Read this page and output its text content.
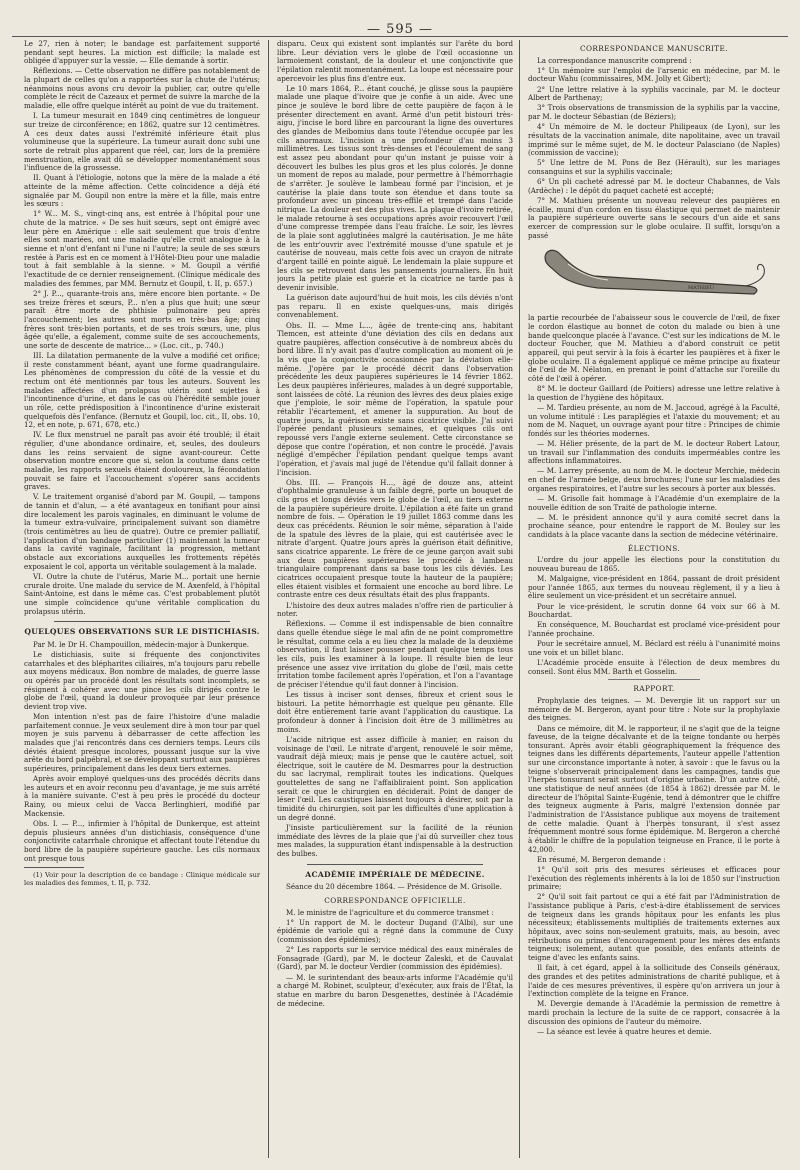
— 595 —

Le 27, rien à noter; le bandage est parfaitement supporté pendant sept heures. La miction est difficile; la malade est obligée d'appuyer sur la vessie. — Elle demande à sortir.

Réflexions. — Cette observation ne diffère pas notablement de la plupart de celles qu'on a rapportées sur la chute de l'utérus; néanmoins nous avons cru devoir la publier, car, outre qu'elle complète le récit de Cazeaux et permet de suivre la marche de la maladie, elle offre quelque intérêt au point de vue du traitement.

I. La tumeur mesurait en 1849 cinq centimètres de longueur sur treize de circonférence; en 1862, quatre sur 12 centimètres. A ces deux dates aussi l'extrémité inférieure était plus volumineuse que la supérieure. La tumeur aurait donc subi une sorte de retrait plus apparent que réel, car, lors de la première menstruation, elle avait dû se développer momentanément sous l'influence de la grossesse.

II. Quant à l'étiologie, notons que la mère de la malade a été atteinte de la même affection. Cette coïncidence a déjà été signalée par M. Goupil non entre la mère et la fille, mais entre les sœurs :

1° W... M. S., vingt-cinq ans, est entrée à l'hôpital pour une chute de la matrice. « De ses huit sœurs, sept ont émigré avec leur père en Amérique : elle sait seulement que trois d'entre elles sont mariées, ont une maladie qu'elle croit analogue à la sienne et n'ont d'enfant ni l'une ni l'autre; la seule de ses sœurs restée à Paris est en ce moment à l'Hôtel-Dieu pour une maladie tout à fait semblable à la sienne. » M. Goupil a vérifié l'exactitude de ce dernier renseignement. (Clinique médicale des maladies des femmes, par MM. Bernutz et Goupil, t. II, p. 657.)

2° J. P..., quarante-trois ans, mère encore bien portante. « De ses treize frères et sœurs, P... n'en a plus que huit; une sœur paraît être morte de phthisie pulmonaire peu après l'accouchement; les autres sont morts en très-bas âge; cinq frères sont très-bien portants, et de ses trois sœurs, une, plus âgée qu'elle, a également, comme suite de ses accouchements, une sorte de descente de matrice... » (Loc. cit., p. 740.)

III. La dilatation permanente de la vulve a modifié cet orifice; il reste constamment béant, ayant une forme quadrangulaire. Les phénomènes de compression du côté de la vessie et du rectum ont été mentionnés par tous les auteurs. Souvent les malades affectées d'un prolapsus utérin sont sujettes à l'incontinence d'urine, et dans le cas où l'hérédité semble jouer un rôle, cette prédisposition à l'incontinence d'urine existerait quelquefois dès l'enfance. (Bernutz et Goupil, loc. cit., II, obs. 10, 12, et en note, p. 671, 678, etc.)

IV. Le flux menstruel ne paraît pas avoir été troublé; il était régulier, d'une abondance ordinaire, et, seules, des douleurs dans les reins servaient de signe avant-coureur. Cette observation montre encore que si, selon la coutume dans cette maladie, les rapports sexuels étaient douloureux, la fécondation pouvait se faire et l'accouchement s'opérer sans accidents graves.

V. Le traitement organisé d'abord par M. Goupil, — tampons de tannin et d'alun, — a été avantageux en tonifiant pour ainsi dire localement les parois vaginales, en diminuant le volume de la tumeur extra-vulvaire, principalement suivant son diamètre (trois centimètres au lieu de quatre). Outre ce premier palliatif, l'application d'un bandage particulier (1) maintenant la tumeur dans la cavité vaginale, facilitant la progression, mettant obstacle aux excoriations auxquelles les frottements répétés exposaient le col, apporta un véritable soulagement à la malade.

VI. Outre la chute de l'utérus, Marie M... portait une hernie crurale droite. Une malade du service de M. Axenfeld, à l'hôpital Saint-Antoine, est dans le même cas. C'est probablement plutôt une simple coïncidence qu'une véritable complication du prolapsus utérin.

QUELQUES OBSERVATIONS SUR LE DISTICHIASIS.

Par M. le Dr H. Champouillon, médecin-major à Dunkerque.

Le distichiasis, suite si fréquente des conjonctivites catarrhales et des blépharites ciliaires, m'a toujours paru rebelle aux moyens médicaux. Bon nombre de malades, de guerre lasse ou opérés par un procédé dont les résultats sont incomplets, se résignent à cohérer avec une pince les cils dirigés contre le globe de l'œil, quand la douleur provoquée par leur présence devient trop vive.

Mon intention n'est pas de faire l'histoire d'une maladie parfaitement connue. Je veux seulement dire à mon tour par quel moyen je suis parvenu à débarrasser de cette affection les malades que j'ai rencontrés dans ces derniers temps. Leurs cils déviés étaient presque incolores, poussant jusque sur la vive arête du bord palpébral, et se développant surtout aux paupières supérieures, principalement dans les deux tiers externes.

Après avoir employé quelques-uns des procédés décrits dans les auteurs et en avoir reconnu peu d'avantage, je me suis arrêté à la manière suivante. C'est à peu près le procédé du docteur Rainy, ou mieux celui de Vacca Berlinghieri, modifié par Mackensie.

Obs. I. — P..., infirmier à l'hôpital de Dunkerque, est atteint depuis plusieurs années d'un distichiasis, conséquence d'une conjonctivite catarrhale chronique et affectant toute l'étendue du bord libre de la paupière supérieure gauche. Les cils normaux ont presque tous

(1) Voir pour la description de ce bandage : Clinique médicale sur les maladies des femmes, t. II, p. 732.

disparu. Ceux qui existent sont implantés sur l'arête du bord libre. Leur déviation vers le globe de l'œil occasionne un larmoiement constant, de la douleur et une conjonctivite que l'épilation ralentit momentanément. La loupe est nécessaire pour apercevoir les plus fins d'entre eux.

Le 10 mars 1864, P... étant couché, je glisse sous la paupière malade une plaque d'ivoire que je confie à un aide. Avec une pince je soulève le bord libre de cette paupière de façon à le présenter directement en avant. Armé d'un petit bistouri très-aigu, j'incise le bord libre en parcourant la ligne des ouvertures des glandes de Meibomius dans toute l'étendue occupée par les cils anormaux. L'incision a une profondeur d'au moins 3 millimètres. Les tissus sont très-denses et l'écoulement de sang est assez peu abondant pour qu'un instant je puisse voir à découvert les bulbes les plus gros et les plus colorés. Je donne un moment de repos au malade, pour permettre à l'hémorrhagie de s'arrêter. Je soulève le lambeau formé par l'incision, et je cautérise la plaie dans toute son étendue et dans toute sa profondeur avec un pinceau très-effilé et trempé dans l'acide nitrique. La douleur est des plus vives. La plaque d'ivoire retirée, le malade retourne à ses occupations après avoir recouvert l'œil d'une compresse trempée dans l'eau fraîche. Le soir, les lèvres de la plaie sont agglutinées malgré la cautérisation. Je me hâte de les entr'ouvrir avec l'extrémité mousse d'une spatule et je cautérise de nouveau, mais cette fois avec un crayon de nitrate d'argent taillé en pointe aiguë. Le lendemain la plaie suppure et les cils se retrouvent dans les pansements journaliers. En huit jours la petite plaie est guérie et la cicatrice ne tarde pas à devenir invisible.

La guérison date aujourd'hui de huit mois, les cils déviés n'ont pas reparu. Il en existe quelques-uns, mais dirigés convenablement.

Obs. II. — Mme L..., âgée de trente-cinq ans, habitant Tlemcen, est atteinte d'une déviation des cils en dedans aux quatre paupières, affection consécutive à de nombreux abcès du bord libre. Il n'y avait pas d'autre complication au moment où je la vis que la conjonctivite occasionnée par la déviation elle-même. J'opère par le procédé décrit dans l'observation précédente les deux paupières supérieures le 14 février 1862. Les deux paupières inférieures, malades à un degré supportable, sont laissées de côté. La réunion des lèvres des deux plaies exige que j'emploie, le soir même de l'opération, la spatule pour rétablir l'écartement, et amener la suppuration. Au bout de quatre jours, la guérison existe sans cicatrice visible. J'ai suivi l'opérée pendant plusieurs semaines, et quelques cils ont repoussé vers l'angle externe seulement. Cette circonstance se dépose que contre l'opération, et non contre le procédé. J'avais négligé d'empêcher l'épilation pendant quelque temps avant l'opération, et j'avais mal jugé de l'étendue qu'il fallait donner à l'incision.

Obs. III. — François H..., âgé de douze ans, atteint d'ophthalmie granuleuse à un faible degré, porte un bouquet de cils gros et longs déviés vers le globe de l'œil, au tiers externe de la paupière supérieure droite. L'épilation a été faite un grand nombre de fois. — Opération le 19 juillet 1863 comme dans les deux cas précédents. Réunion le soir même, séparation à l'aide de la spatule des lèvres de la plaie, qui est cautérisée avec le nitrate d'argent. Quatre jours après la guérison était définitive, sans cicatrice apparente. Le frère de ce jeune garçon avait subi aux deux paupières supérieures le procédé à lambeau triangulaire comprenant dans sa base tous les cils déviés. Les cicatrices occupaient presque toute la hauteur de la paupière; elles étaient visibles et formaient une encoche au bord libre. Le contraste entre ces deux résultats était des plus frappants.

L'histoire des deux autres malades n'offre rien de particulier à noter.

Réflexions. — Comme il est indispensable de bien connaître dans quelle étendue siège le mal afin de ne point compromettre le résultat, comme cela a eu lieu chez la malade de la deuxième observation, il faut laisser pousser pendant quelque temps tous les cils, puis les examiner à la loupe. Il résulte bien de leur présence une assez vive irritation du globe de l'œil, mais cette irritation tombe facilement après l'opération, et l'on a l'avantage de préciser l'étendue qu'il faut donner à l'incision.

Les tissus à inciser sont denses, fibreux et crient sous le bistouri. La petite hémorrhagie est quelque peu gênante. Elle doit être entièrement tarie avant l'application du caustique. La profondeur à donner à l'incision doit être de 3 millimètres au moins.

L'acide nitrique est assez difficile à manier, en raison du voisinage de l'œil. Le nitrate d'argent, renouvelé le soir même, vaudrait déjà mieux; mais je pense que le cautère actuel, soit électrique, soit le cautère de M. Desmarres pour la destruction du sac lacrymal, remplirait toutes les indications. Quelques gouttelettes de sang ne l'affaibliraient point. Son application serait ce que le chirurgien en déciderait. Point de danger de léser l'œil. Les caustiques laissent toujours à désirer, soit par la timidité du chirurgien, soit par les difficultés d'une application à un degré donné.

J'insiste particulièrement sur la facilité de la réunion immédiate des lèvres de la plaie que j'ai dû surveiller chez tous mes malades, la suppuration étant indispensable à la destruction des bulbes.

ACADÉMIE IMPÉRIALE DE MÉDECINE.

Séance du 20 décembre 1864. — Présidence de M. Grisolle.

CORRESPONDANCE OFFICIELLE.

M. le ministre de l'agriculture et du commerce transmet :

1° Un rapport de M. le docteur Dugand (l'Albi), sur une épidémie de variole qui a régné dans la commune de Cuxy (commission des épidémies);

2° Les rapports sur le service médical des eaux minérales de Fonsagrade (Gard), par M. le docteur Zaleski, et de Cauvalat (Gard), par M. le docteur Verdier (commission des épidémies).

— M. le surintendant des beaux-arts informe l'Académie qu'il a chargé M. Robinet, sculpteur, d'exécuter, aux frais de l'État, la statue en marbre du baron Desgenettes, destinée à l'Académie de médecine.

CORRESPONDANCE MANUSCRITE.

La correspondance manuscrite comprend :

1° Un mémoire sur l'emploi de l'arsenic en médecine, par M. le docteur Wahu (commissaires, MM. Jolly et Gibert);

2° Une lettre relative à la syphilis vaccinale, par M. le docteur Albert de Parthenay;

3° Trois observations de transmission de la syphilis par la vaccine, par M. le docteur Sébastian (de Béziers);

4° Un mémoire de M. le docteur Philipeaux (de Lyon), sur les résultats de la vaccination animale, dite napolitaine, avec un travail imprimé sur le même sujet, de M. le docteur Palasciano (de Naples) (commission de vaccine);

5° Une lettre de M. Pons de Bez (Hérault), sur les mariages consanguins et sur la syphilis vaccinale;

6° Un pli cacheté adressé par M. le docteur Chabannes, de Vals (Ardèche) : le dépôt du paquet cacheté est accepté;

7° M. Mathieu présente un nouveau releveur des paupières en écaille, muni d'un cordon en tissu élastique qui permet de maintenir la paupière supérieure ouverte sans le secours d'un aide et sans exercer de compression sur le globe oculaire. Il suffit, lorsqu'on a passé

MATHIEU

la partie recourbée de l'abaisseur sous le couvercle de l'œil, de fixer le cordon élastique au bonnet de coton du malade ou bien à une bande quelconque placée à l'avance. C'est sur les indications de M. le docteur Foucher, que M. Mathieu a d'abord construit ce petit appareil, qui peut servir à la fois à écarter les paupières et à fixer le globe oculaire. Il a également appliqué ce même principe au fixateur de l'œil de M. Nélaton, en prenant le point d'attache sur l'oreille du côté de l'œil à opérer.

8° M. le docteur Gaillard (de Poitiers) adresse une lettre relative à la question de l'hygiène des hôpitaux.

— M. Tardieu présente, au nom de M. Jaccoud, agrégé à la Faculté, un volume intitulé : Les paraplégies et l'ataxie du mouvement; et au nom de M. Naquet, un ouvrage ayant pour titre : Principes de chimie fondés sur les théories modernes.

— M. Hélier présente, de la part de M. le docteur Robert Latour, un travail sur l'inflammation des conduits imperméables contre les affections inflammatoires.

— M. Larrey présente, au nom de M. le docteur Merchie, médecin en chef de l'armée belge, deux brochures; l'une sur les maladies des organes respiratoires, et l'autre sur les secours à porter aux blessés.

— M. Grisolle fait hommage à l'Académie d'un exemplaire de la nouvelle édition de son Traité de pathologie interne.

— M. le président annonce qu'il y aura comité secret dans la prochaine séance, pour entendre le rapport de M. Bouley sur les candidats à la place vacante dans la section de médecine vétérinaire.

ÉLECTIONS.

L'ordre du jour appelle les élections pour la constitution du nouveau bureau de 1865.

M. Malgaigne, vice-président en 1864, passant de droit président pour l'année 1865, aux termes du nouveau règlement, il y a lieu à élire seulement un vice-président et un secrétaire annuel.

Pour le vice-président, le scrutin donne 64 voix sur 66 à M. Bouchardat.

En conséquence, M. Bouchardat est proclamé vice-président pour l'année prochaine.

Pour le secrétaire annuel, M. Béclard est réélu à l'unanimité moins une voix et un billet blanc.

L'Académie procède ensuite à l'élection de deux membres du conseil. Sont élus MM. Barth et Gosselin.

RAPPORT.

Prophylaxie des teignes. — M. Devergie lit un rapport sur un mémoire de M. Bergeron, ayant pour titre : Note sur la prophylaxie des teignes.

Dans ce mémoire, dit M. le rapporteur, il ne s'agit que de la teigne faveuse, de la teigne décalvante et de la teigne tondante ou herpès tonsurant. Après avoir établi géographiquement la fréquence des teignes dans les différents départements, l'auteur appelle l'attention sur une circonstance importante à noter, à savoir : que le favus ou la teigne s'observerait principalement dans les campagnes, tandis que l'herpès tonsurant serait surtout d'origine urbaine. D'un autre côté, une statistique de neuf années (de 1854 à 1862) dressée par M. le directeur de l'hôpital Sainte-Eugénie, tend à démontrer que le chiffre des teigneux augmente à Paris, malgré l'extension donnée par l'administration de l'Assistance publique aux moyens de traitement de cette maladie. Quant à l'herpès tonsurant, il s'est assez fréquemment montré sous forme épidémique. M. Bergeron a cherché à établir le chiffre de la population teigneuse en France, il le porte à 42,000.

En résumé, M. Bergeron demande :

1° Qu'il soit pris des mesures sérieuses et efficaces pour l'exécution des règlements inhérents à la loi de 1850 sur l'instruction primaire;

2° Qu'il soit fait partout ce qui a été fait par l'Administration de l'assistance publique à Paris, c'est-à-dire établissement de services de teigneux dans les grands hôpitaux pour les enfants les plus nécessiteux; établissements multipliés de traitements externes aux hôpitaux, avec soins non-seulement gratuits, mais, au besoin, avec rétributions ou primes d'encouragement pour les mères des enfants teigneux; isolement, autant que possible, des enfants atteints de teigne d'avec les enfants sains.

Il fait, à cet égard, appel à la sollicitude des Conseils généraux, des grandes et des petites administrations de charité publique, et à l'aide de ces mesures préventives, il espère qu'on arrivera un jour à l'extinction complète de la teigne en France.

M. Devergie demande à l'Académie la permission de remettre à mardi prochain la lecture de la suite de ce rapport, consacrée à la discussion des opinions de l'auteur du mémoire.

— La séance est levée à quatre heures et demie.
